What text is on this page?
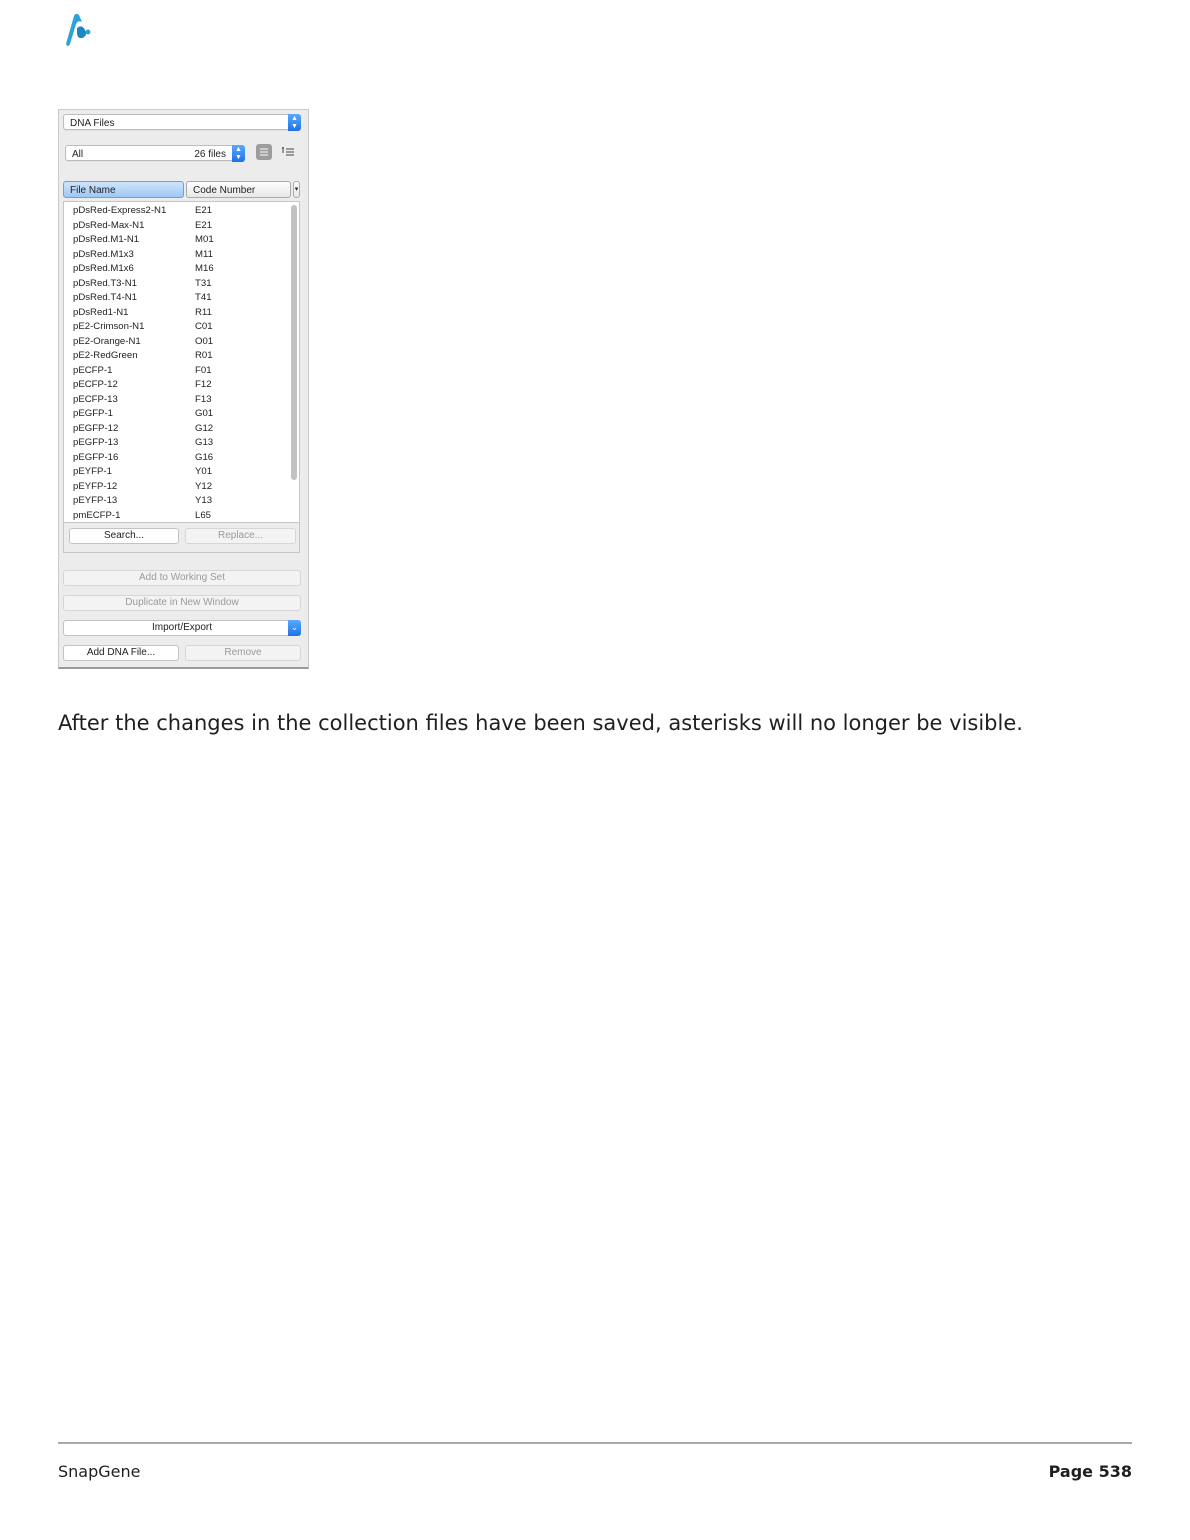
DNA Files	▲
▼
All	26 files	▲
▼
File Name	Code Number	▾
pDsRed-Express2-N1	E21
pDsRed-Max-N1	E21
pDsRed.M1-N1	M01
pDsRed.M1x3	M11
pDsRed.M1x6	M16
pDsRed.T3-N1	T31
pDsRed.T4-N1	T41
pDsRed1-N1	R11
pE2-Crimson-N1	C01
pE2-Orange-N1	O01
pE2-RedGreen	R01
pECFP-1	F01
pECFP-12	F12
pECFP-13	F13
pEGFP-1	G01
pEGFP-12	G12
pEGFP-13	G13
pEGFP-16	G16
pEYFP-1	Y01
pEYFP-12	Y12
pEYFP-13	Y13
pmECFP-1	L65
Search...	Replace...
Add to Working Set
Duplicate in New Window
Import/Export	⌄
Add DNA File...	Remove
After the changes in the collection files have been saved, asterisks will no longer be visible.
SnapGene	Page 538
